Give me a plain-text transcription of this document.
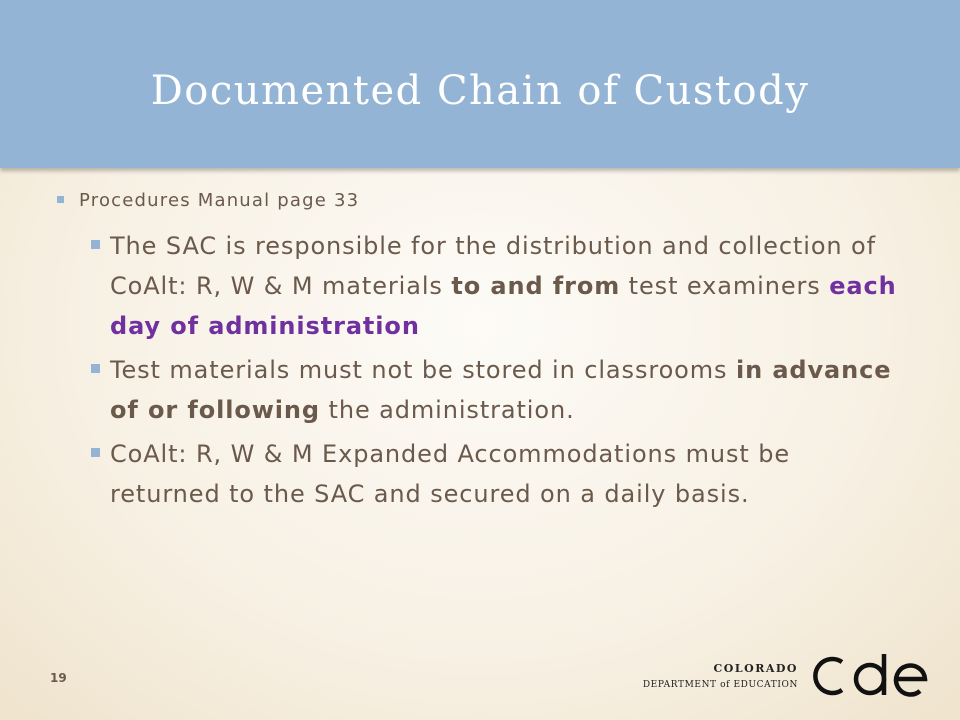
Documented Chain of Custody
Procedures Manual page 33
The SAC is responsible for the distribution and collection of CoAlt: R, W & M materials to and from test examiners each day of administration
Test materials must not be stored in classrooms in advance of or following the administration.
CoAlt: R, W & M Expanded Accommodations must be returned to the SAC and secured on a daily basis.
19
COLORADO
DEPARTMENT of EDUCATION
